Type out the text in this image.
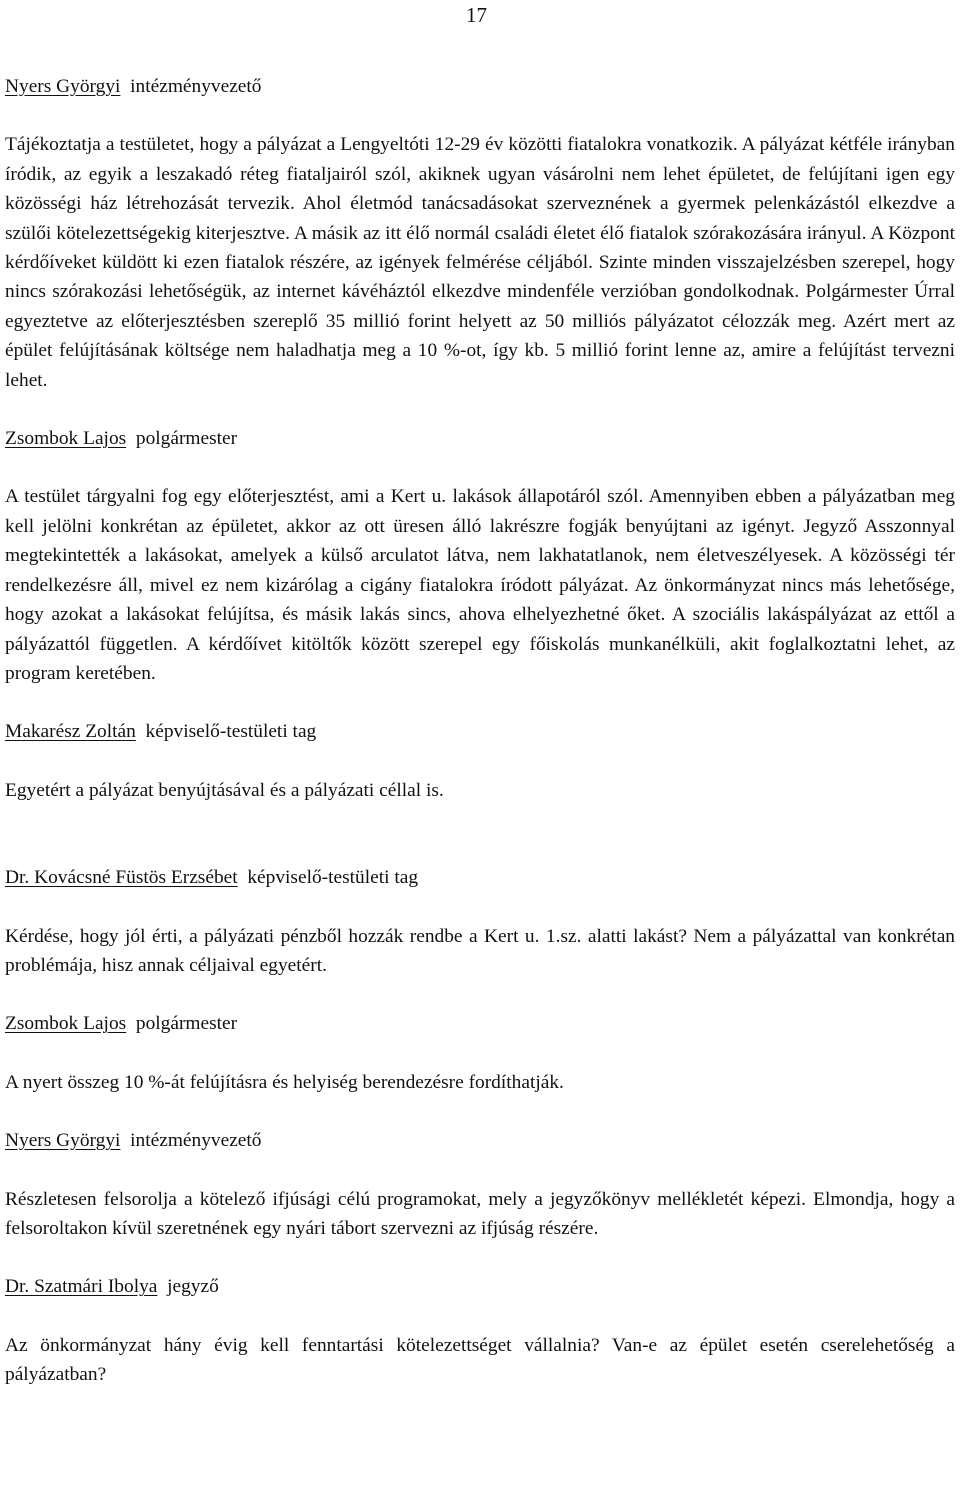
17
Nyers Györgyi intézményvezető
Tájékoztatja a testületet, hogy a pályázat a Lengyeltóti 12-29 év közötti fiatalokra vonatkozik. A pályázat kétféle irányban íródik, az egyik a leszakadó réteg fiataljairól szól, akiknek ugyan vásárolni nem lehet épületet, de felújítani igen egy közösségi ház létrehozását tervezik. Ahol életmód tanácsadásokat szerveznének a gyermek pelenkázástól elkezdve a szülői kötelezettségekig kiterjesztve. A másik az itt élő normál családi életet élő fiatalok szórakozására irányul. A Központ kérdőíveket küldött ki ezen fiatalok részére, az igények felmérése céljából. Szinte minden visszajelzésben szerepel, hogy nincs szórakozási lehetőségük, az internet kávéháztól elkezdve mindenféle verzióban gondolkodnak. Polgármester Úrral egyeztetve az előterjesztésben szereplő 35 millió forint helyett az 50 milliós pályázatot célozzák meg. Azért mert az épület felújításának költsége nem haladhatja meg a 10 %-ot, így kb. 5 millió forint lenne az, amire a felújítást tervezni lehet.
Zsombok Lajos polgármester
A testület tárgyalni fog egy előterjesztést, ami a Kert u. lakások állapotáról szól. Amennyiben ebben a pályázatban meg kell jelölni konkrétan az épületet, akkor az ott üresen álló lakrészre fogják benyújtani az igényt. Jegyző Asszonnyal megtekintették a lakásokat, amelyek a külső arculatot látva, nem lakhatatlanok, nem életveszélyesek. A közösségi tér rendelkezésre áll, mivel ez nem kizárólag a cigány fiatalokra íródott pályázat. Az önkormányzat nincs más lehetősége, hogy azokat a lakásokat felújítsa, és másik lakás sincs, ahova elhelyezhetné őket. A szociális lakáspályázat az ettől a pályázattól független. A kérdőívet kitöltők között szerepel egy főiskolás munkanélküli, akit foglalkoztatni lehet, az program keretében.
Makarész Zoltán képviselő-testületi tag
Egyetért a pályázat benyújtásával és a pályázati céllal is.
Dr. Kovácsné Füstös Erzsébet képviselő-testületi tag
Kérdése, hogy jól érti, a pályázati pénzből hozzák rendbe a Kert u. 1.sz. alatti lakást? Nem a pályázattal van konkrétan problémája, hisz annak céljaival egyetért.
Zsombok Lajos polgármester
A nyert összeg 10 %-át felújításra és helyiség berendezésre fordíthatják.
Nyers Györgyi intézményvezető
Részletesen felsorolja a kötelező ifjúsági célú programokat, mely a jegyzőkönyv mellékletét képezi. Elmondja, hogy a felsoroltakon kívül szeretnének egy nyári tábort szervezni az ifjúság részére.
Dr. Szatmári Ibolya jegyző
Az önkormányzat hány évig kell fenntartási kötelezettséget vállalnia? Van-e az épület esetén cserelehetőség a pályázatban?
